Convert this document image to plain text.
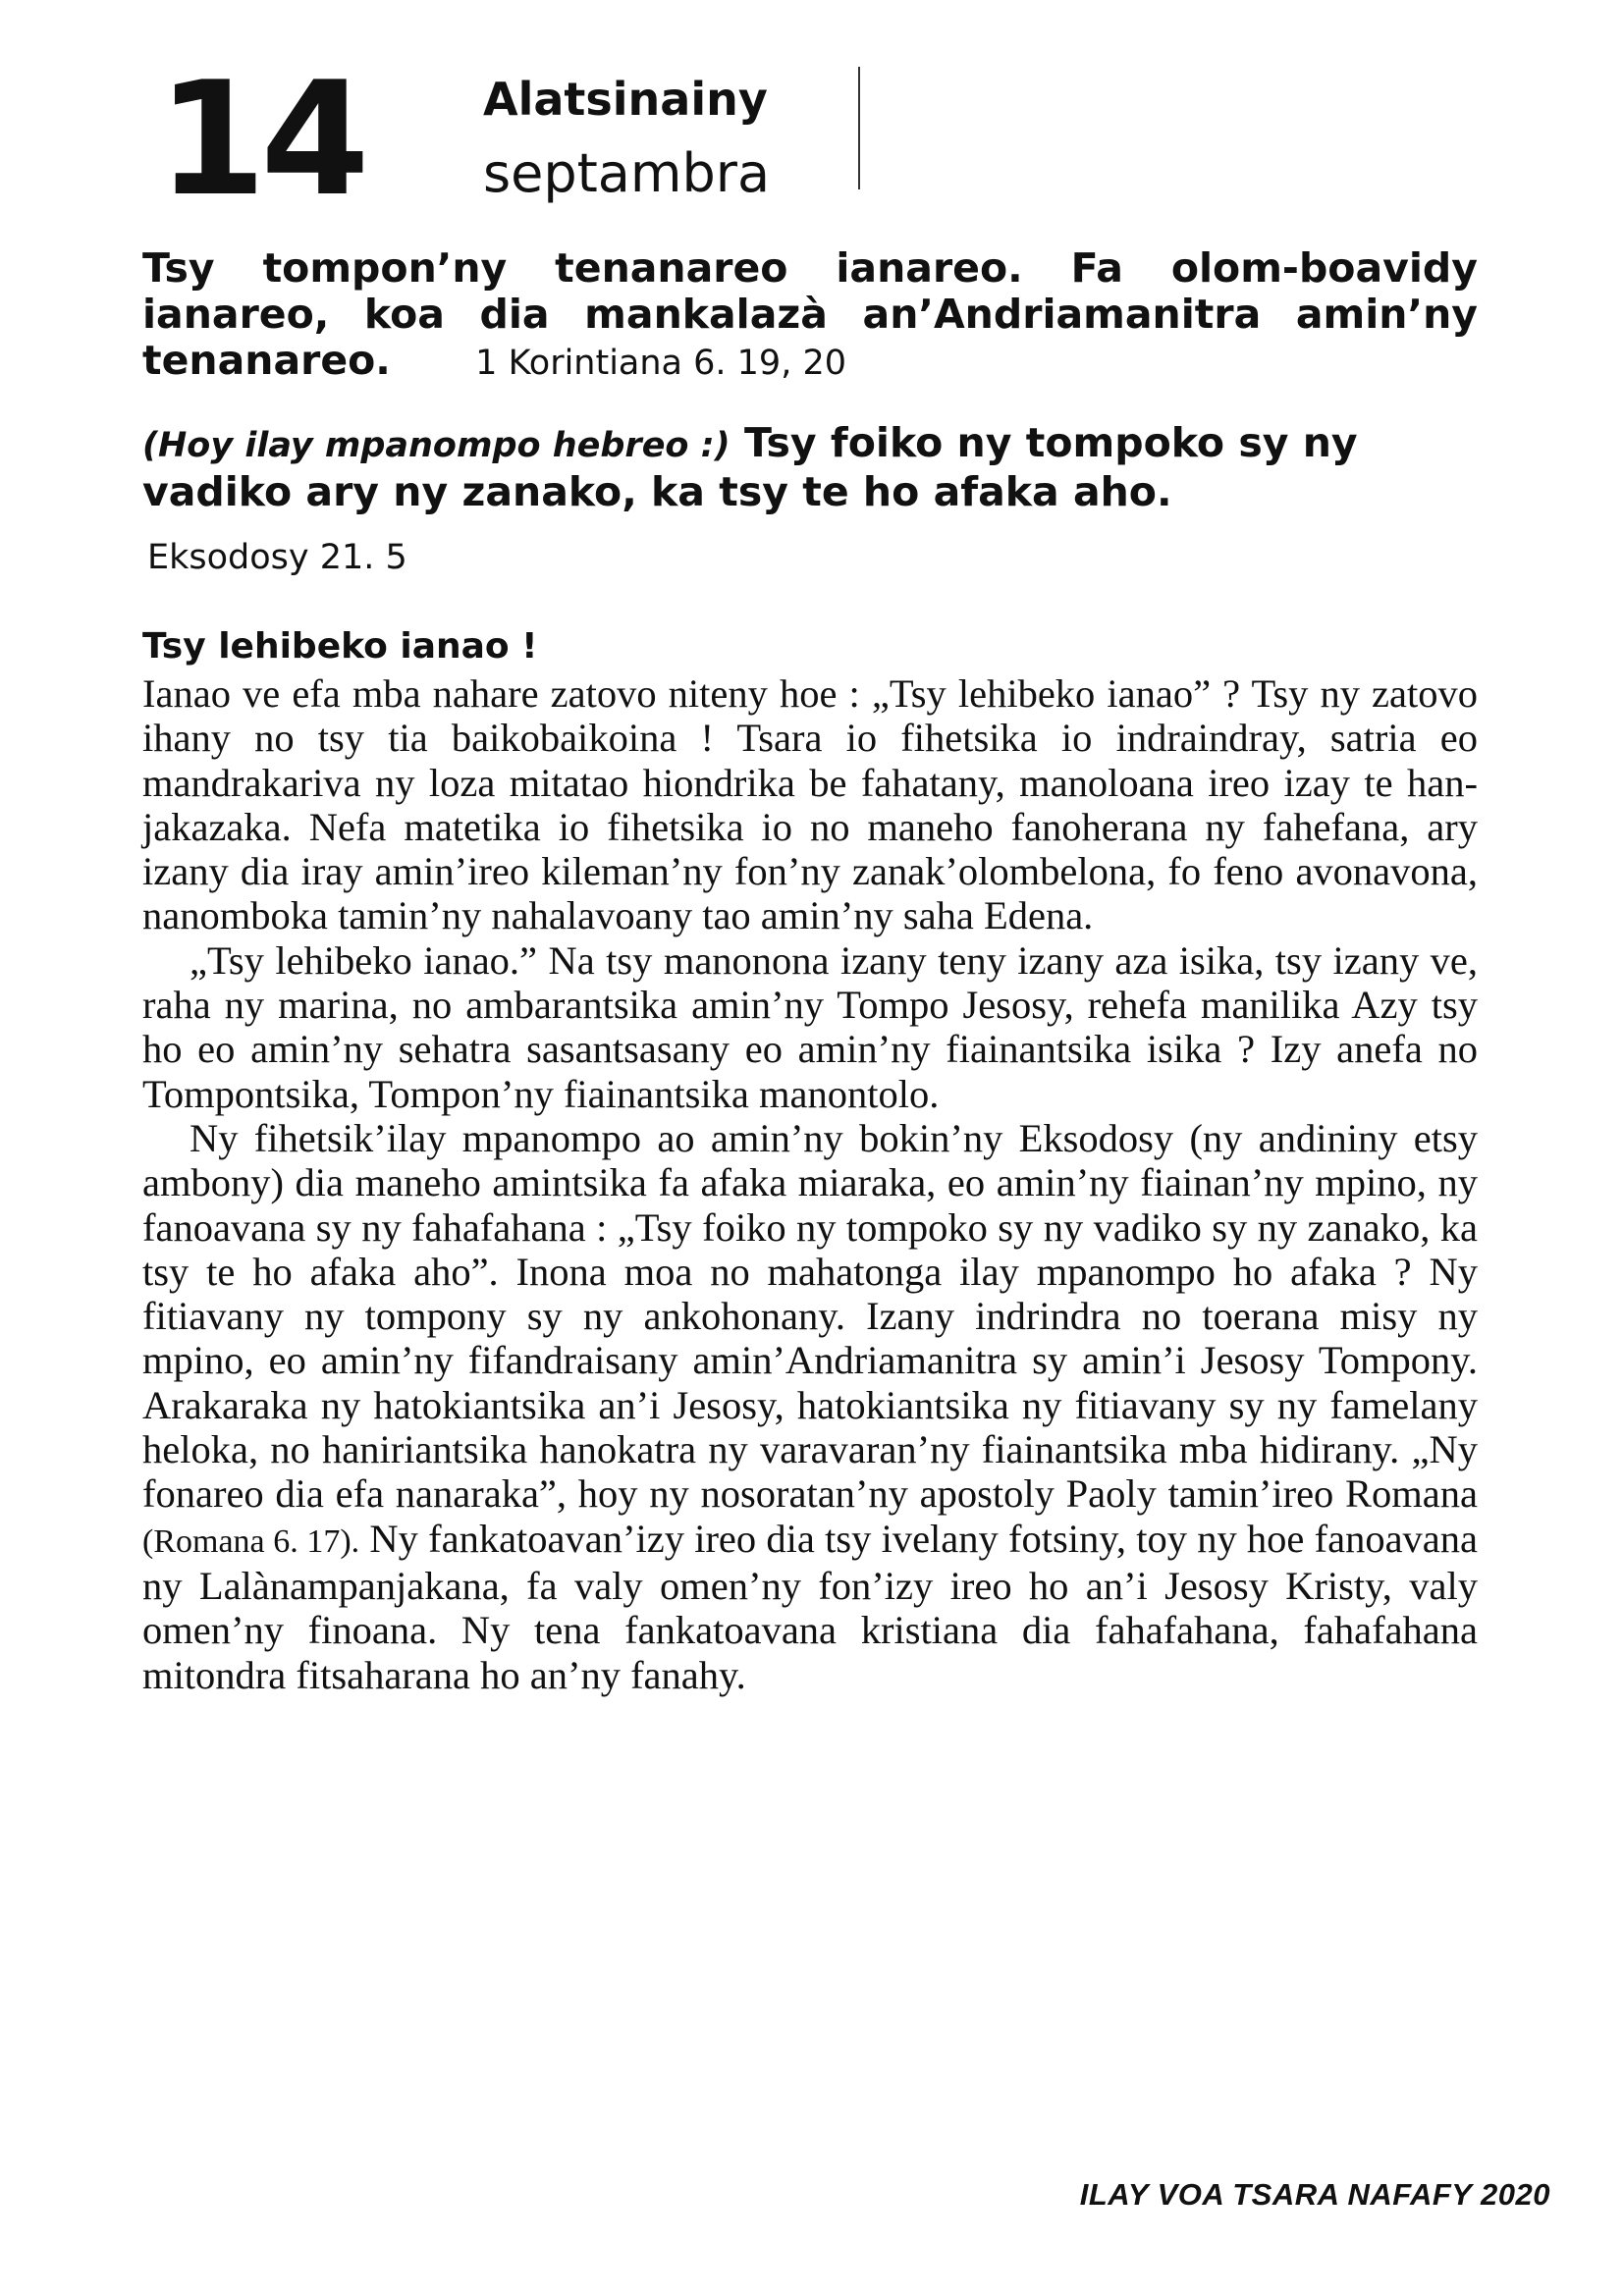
14	Alatsinainy
septambra
Tsy tompon’ny tenanareo ianareo. Fa olom-boavidy ianareo, koa dia mankalazà an’Andriamanitra amin’ny tenanareo. 1 Korintiana 6. 19, 20
(Hoy ilay mpanompo hebreo :) Tsy foiko ny tompoko sy ny vadiko ary ny zanako, ka tsy te ho afaka aho.
Eksodosy 21. 5
Tsy lehibeko ianao !

Ianao ve efa mba nahare zatovo niteny hoe : „Tsy lehibeko ianao” ? Tsy ny zatovo ihany no tsy tia baikobaikoina ! Tsara io fihetsika io indraindray, satria eo mandrakariva ny loza mitatao hiondrika be fahatany, manoloana ireo izay te hanjakazaka. Nefa matetika io fihetsika io no maneho fanoherana ny fahefana, ary izany dia iray amin’ireo kileman’ny fon’ny zanak’olombelona, fo feno avonavona, nanomboka tamin’ny nahalavoany tao amin’ny saha Edena.

„Tsy lehibeko ianao.” Na tsy manonona izany teny izany aza isika, tsy izany ve, raha ny marina, no ambarantsika amin’ny Tompo Jesosy, rehefa manilika Azy tsy ho eo amin’ny sehatra sasantsasany eo amin’ny fiainantsika isika ? Izy anefa no Tompontsika, Tompon’ny fiainantsika manontolo.

Ny fihetsik’ilay mpanompo ao amin’ny bokin’ny Eksodosy (ny andininy etsy ambony) dia maneho amintsika fa afaka miaraka, eo amin’ny fiainan’ny mpino, ny fanoavana sy ny fahafahana : „Tsy foiko ny tompoko sy ny vadiko sy ny zanako, ka tsy te ho afaka aho”. Inona moa no mahatonga ilay mpanompo ho afaka ? Ny fitiavany ny tompony sy ny ankohonany. Izany indrindra no toerana misy ny mpino, eo amin’ny fifandraisany amin’Andriamanitra sy amin’i Jesosy Tompony. Arakaraka ny hatokiantsika an’i Jesosy, hatokiantsika ny fitiavany sy ny famelany heloka, no haniriantsika hanokatra ny varavaran’ny fiainantsika mba hidirany. „Ny fonareo dia efa nanaraka”, hoy ny nosoratan’ny apostoly Paoly tamin’ireo Romana (Romana 6. 17). Ny fankatoavan’izy ireo dia tsy ivelany fotsiny, toy ny hoe fanoavana ny Lalànampanjakana, fa valy omen’ny fon’izy ireo ho an’i Jesosy Kristy, valy omen’ny finoana. Ny tena fankatoavana kristiana dia fahafahana, fahafahana mitondra fitsaharana ho an’ny fanahy.

ILAY VOA TSARA NAFAFY 2020
